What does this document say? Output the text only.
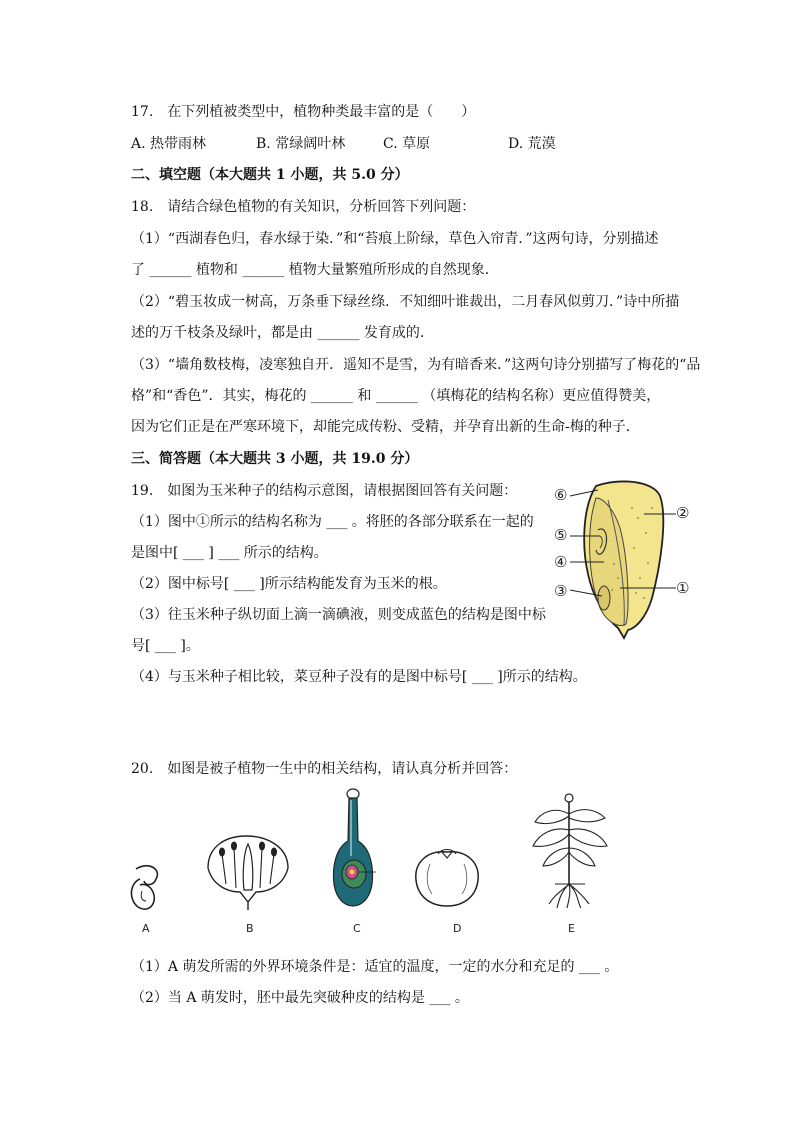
17.　在下列植被类型中，植物种类最丰富的是（　　）
A. 热带雨林	B. 常绿阔叶林	C. 草原	D. 荒漠
二、填空题（本大题共 1 小题，共 5.0 分）
18.　请结合绿色植物的有关知识，分析回答下列问题：
（1）“西湖春色归，春水绿于染．”和“苔痕上阶绿，草色入帘青．”这两句诗，分别描述
了 ______ 植物和 ______ 植物大量繁殖所形成的自然现象．
（2）“碧玉妆成一树高，万条垂下绿丝绦．不知细叶谁裁出，二月春风似剪刀．”诗中所描
述的万千枝条及绿叶，都是由 ______ 发育成的．
（3）“墙角数枝梅，凌寒独自开．遥知不是雪，为有暗香来．”这两句诗分别描写了梅花的“品
格”和“香色”．其实，梅花的 ______ 和 ______ （填梅花的结构名称）更应值得赞美，
因为它们正是在严寒环境下，却能完成传粉、受精，并孕育出新的生命-梅的种子．
三、简答题（本大题共 3 小题，共 19.0 分）
19.　如图为玉米种子的结构示意图，请根据图回答有关问题：
（1）图中①所示的结构名称为 ___ 。将胚的各部分联系在一起的
是图中[ ___ ] ___ 所示的结构。
（2）图中标号[ ___ ]所示结构能发育为玉米的根。
（3）往玉米种子纵切面上滴一滴碘液，则变成蓝色的结构是图中标
号[ ___ ]。
（4）与玉米种子相比较，菜豆种子没有的是图中标号[ ___ ]所示的结构。
⑥
⑤
④
③
②
①
20.　如图是被子植物一生中的相关结构，请认真分析并回答：
A	B	C	D	E
（1）A 萌发所需的外界环境条件是：适宜的温度，一定的水分和充足的 ___ 。
（2）当 A 萌发时，胚中最先突破种皮的结构是 ___ 。
